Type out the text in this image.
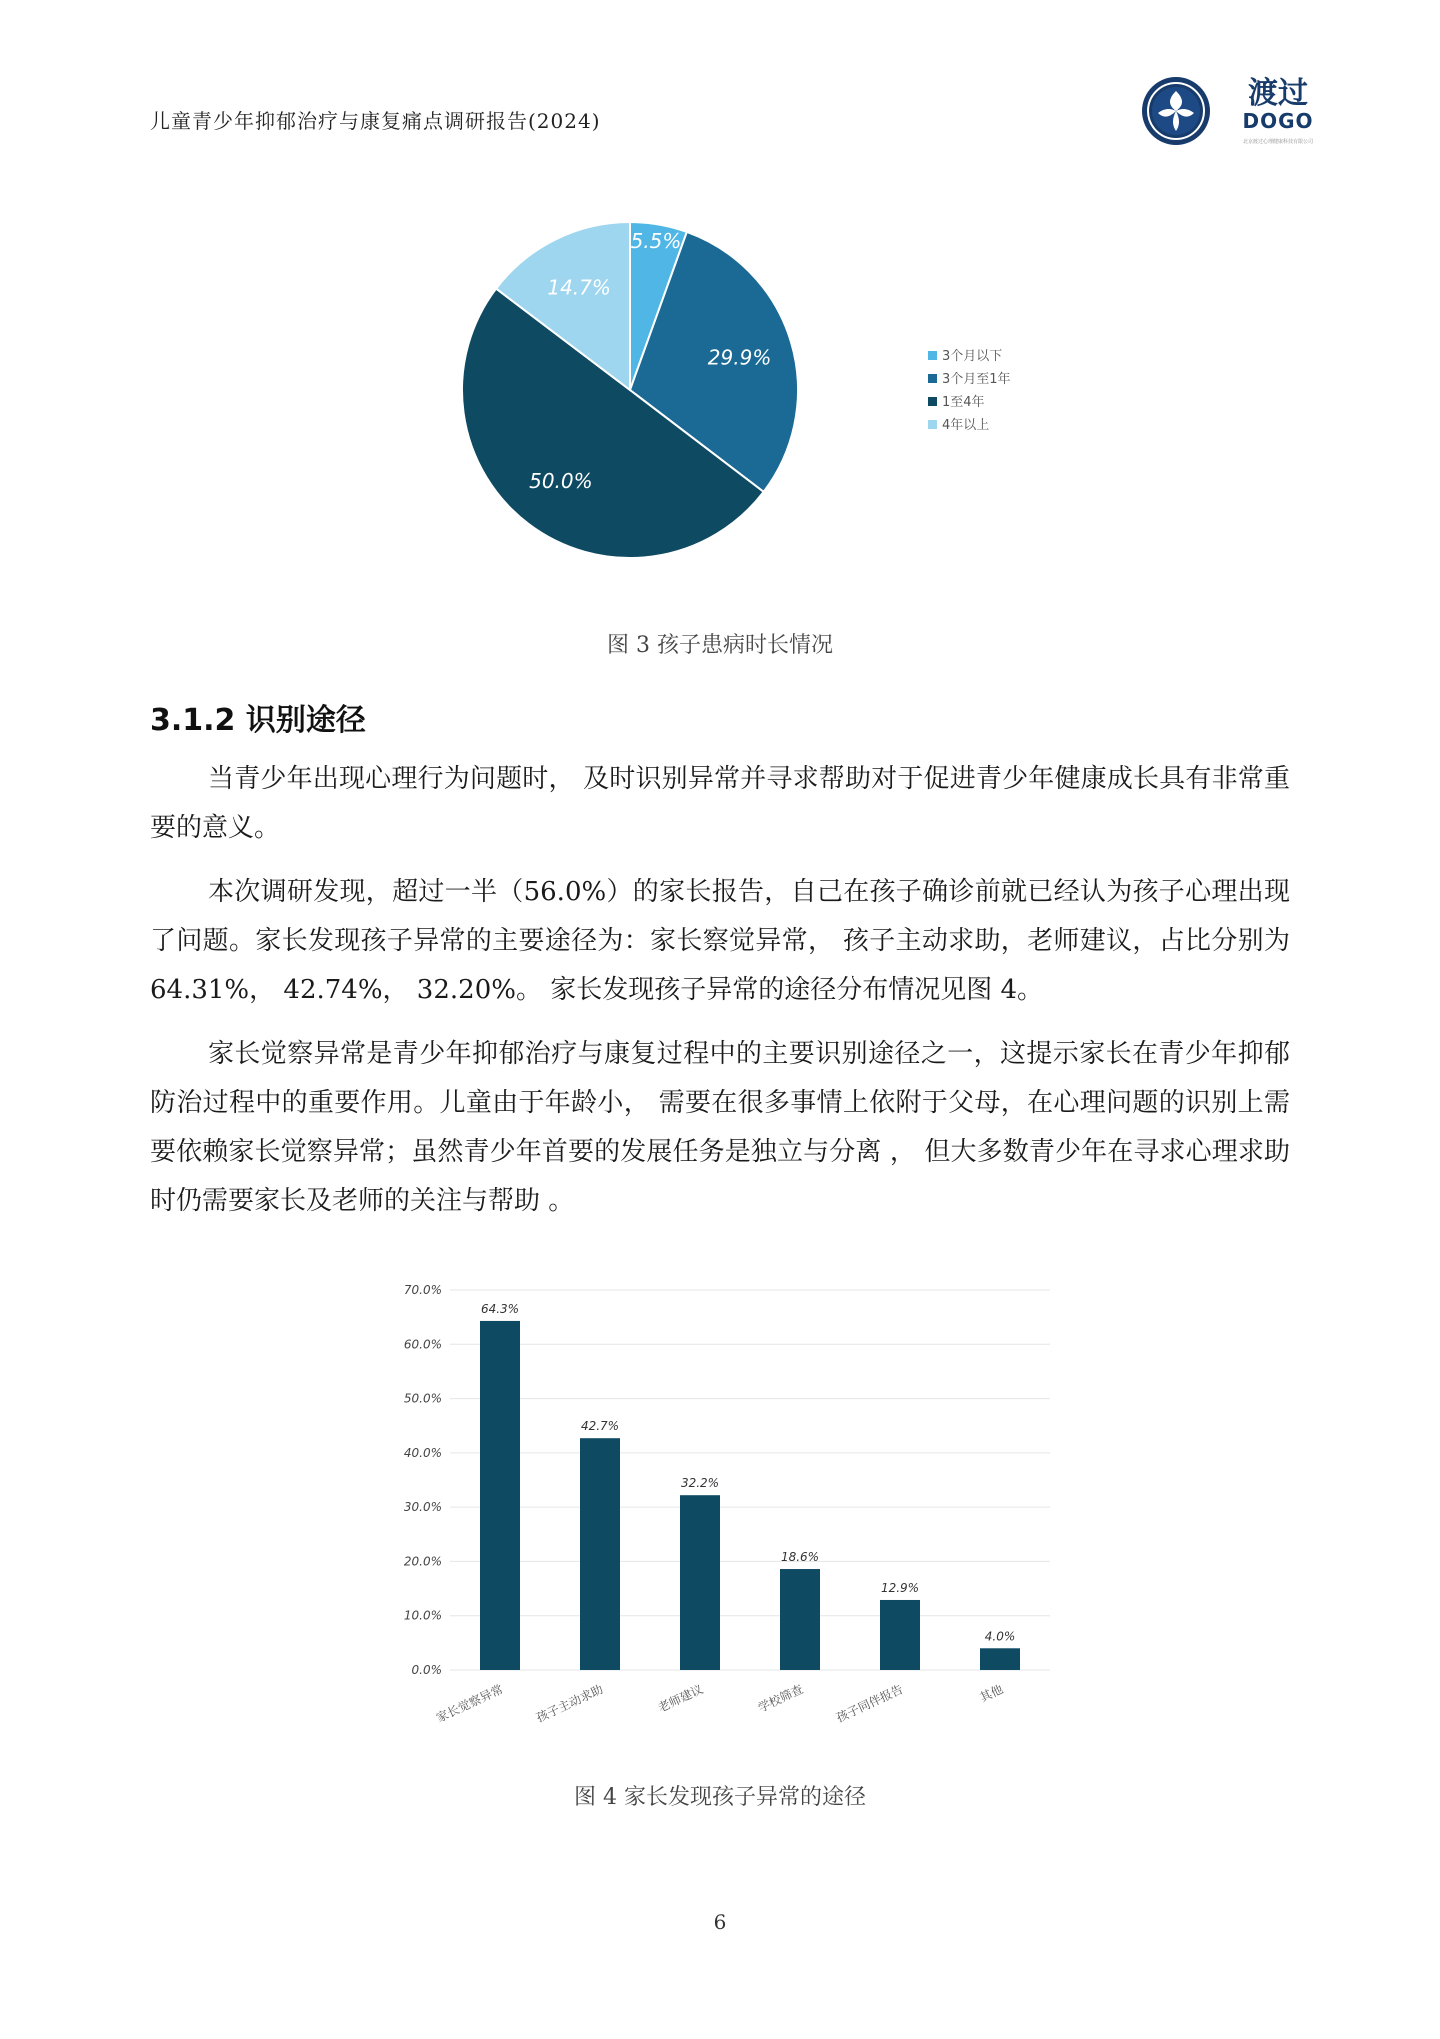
儿童青少年抑郁治疗与康复痛点调研报告(2024)
渡过
DOGO
北京渡过心理健康科技有限公司
5.5%
29.9%
50.0%
14.7%
3个月以下
3个月至1年
1至4年
4年以上
图 3 孩子患病时长情况
3.1.2 识别途径

当青少年出现心理行为问题时， 及时识别异常并寻求帮助对于促进青少年健康成长具有非常重要的意义。

本次调研发现，超过一半（56.0%）的家长报告，自己在孩子确诊前就已经认为孩子心理出现了问题。家长发现孩子异常的主要途径为：家长察觉异常， 孩子主动求助，老师建议，占比分别为 64.31%， 42.74%， 32.20%。 家长发现孩子异常的途径分布情况见图 4。

家长觉察异常是青少年抑郁治疗与康复过程中的主要识别途径之一，这提示家长在青少年抑郁防治过程中的重要作用。儿童由于年龄小， 需要在很多事情上依附于父母，在心理问题的识别上需要依赖家长觉察异常；虽然青少年首要的发展任务是独立与分离 ， 但大多数青少年在寻求心理求助时仍需要家长及老师的关注与帮助 。

0.0%
10.0%
20.0%
30.0%
40.0%
50.0%
60.0%
70.0%
64.3%
家长觉察异常
42.7%
孩子主动求助
32.2%
老师建议
18.6%
学校筛查
12.9%
孩子同伴报告
4.0%
其他
图 4 家长发现孩子异常的途径
6
